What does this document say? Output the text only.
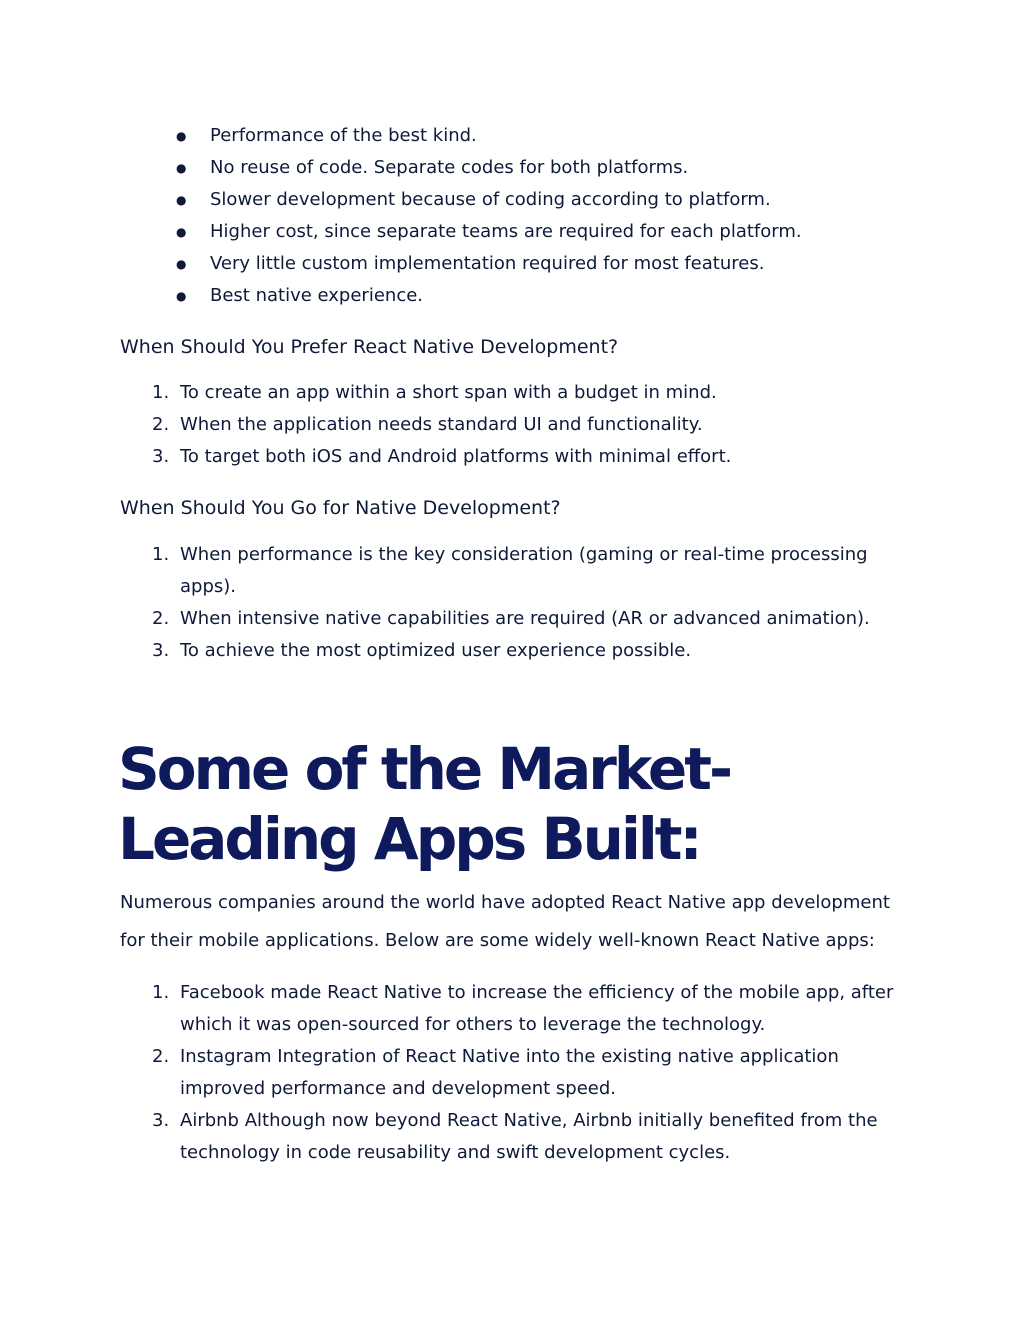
● Performance of the best kind.
● No reuse of code. Separate codes for both platforms.
● Slower development because of coding according to platform.
● Higher cost, since separate teams are required for each platform.
● Very little custom implementation required for most features.
● Best native experience.
When Should You Prefer React Native Development?
1. To create an app within a short span with a budget in mind.
2. When the application needs standard UI and functionality.
3. To target both iOS and Android platforms with minimal effort.
When Should You Go for Native Development?
1. When performance is the key consideration (gaming or real-time processing apps).
2. When intensive native capabilities are required (AR or advanced animation).
3. To achieve the most optimized user experience possible.
Some of the Market-Leading Apps Built:

Numerous companies around the world have adopted React Native app development for their mobile applications. Below are some widely well-known React Native apps:

1. Facebook made React Native to increase the efficiency of the mobile app, after which it was open-sourced for others to leverage the technology.
2. Instagram Integration of React Native into the existing native application improved performance and development speed.
3. Airbnb Although now beyond React Native, Airbnb initially benefited from the technology in code reusability and swift development cycles.
